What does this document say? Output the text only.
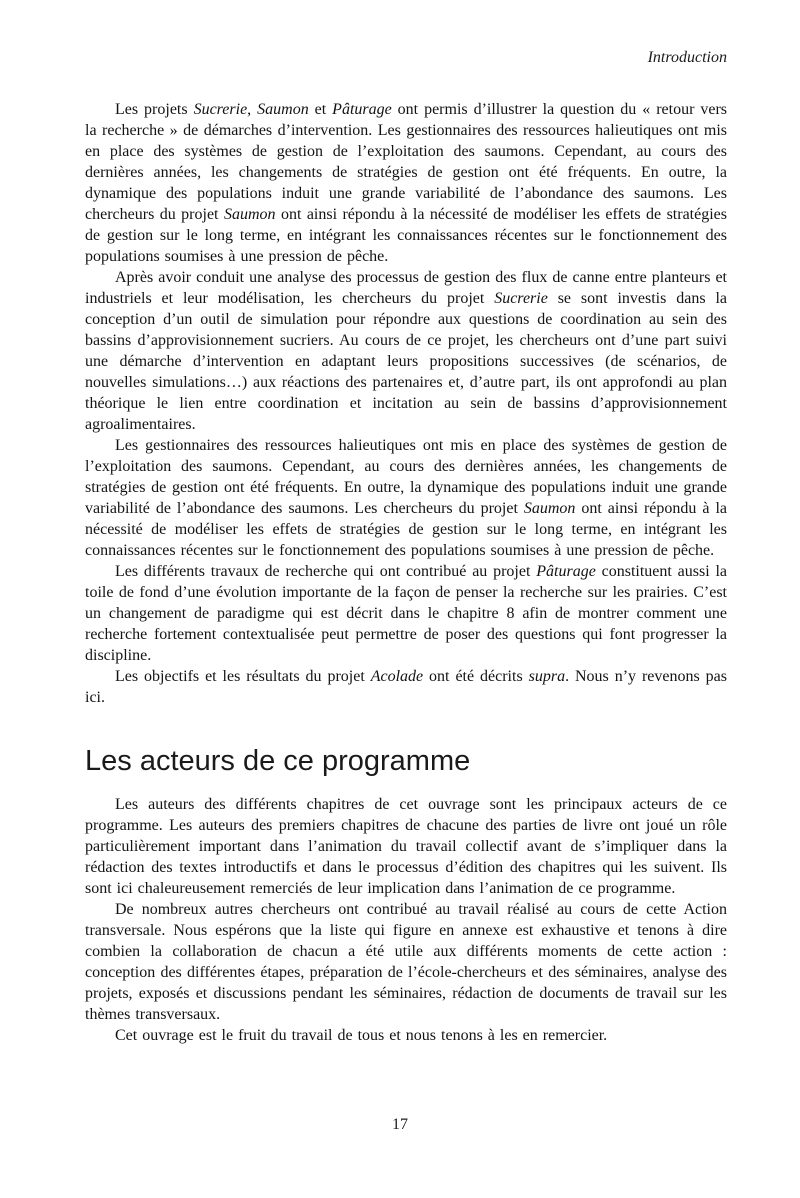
Introduction

Les projets Sucrerie, Saumon et Pâturage ont permis d’illustrer la question du « retour vers la recherche » de démarches d’intervention. Les gestionnaires des ressources halieutiques ont mis en place des systèmes de gestion de l’exploitation des saumons. Cependant, au cours des dernières années, les changements de stratégies de gestion ont été fréquents. En outre, la dynamique des populations induit une grande variabilité de l’abondance des saumons. Les chercheurs du projet Saumon ont ainsi répondu à la nécessité de modéliser les effets de stratégies de gestion sur le long terme, en intégrant les connaissances récentes sur le fonctionnement des populations soumises à une pression de pêche.

Après avoir conduit une analyse des processus de gestion des flux de canne entre planteurs et industriels et leur modélisation, les chercheurs du projet Sucrerie se sont investis dans la conception d’un outil de simulation pour répondre aux questions de coordination au sein des bassins d’approvisionnement sucriers. Au cours de ce projet, les chercheurs ont d’une part suivi une démarche d’intervention en adaptant leurs propositions successives (de scénarios, de nouvelles simulations…) aux réactions des partenaires et, d’autre part, ils ont approfondi au plan théorique le lien entre coordination et incitation au sein de bassins d’approvisionnement agroalimentaires.

Les gestionnaires des ressources halieutiques ont mis en place des systèmes de gestion de l’exploitation des saumons. Cependant, au cours des dernières années, les changements de stratégies de gestion ont été fréquents. En outre, la dynamique des populations induit une grande variabilité de l’abondance des saumons. Les chercheurs du projet Saumon ont ainsi répondu à la nécessité de modéliser les effets de stratégies de gestion sur le long terme, en intégrant les connaissances récentes sur le fonctionnement des populations soumises à une pression de pêche.

Les différents travaux de recherche qui ont contribué au projet Pâturage constituent aussi la toile de fond d’une évolution importante de la façon de penser la recherche sur les prairies. C’est un changement de paradigme qui est décrit dans le chapitre 8 afin de montrer comment une recherche fortement contextualisée peut permettre de poser des questions qui font progresser la discipline.

Les objectifs et les résultats du projet Acolade ont été décrits supra. Nous n’y revenons pas ici.

Les acteurs de ce programme

Les auteurs des différents chapitres de cet ouvrage sont les principaux acteurs de ce programme. Les auteurs des premiers chapitres de chacune des parties de livre ont joué un rôle particulièrement important dans l’animation du travail collectif avant de s’impliquer dans la rédaction des textes introductifs et dans le processus d’édition des chapitres qui les suivent. Ils sont ici chaleureusement remerciés de leur implication dans l’animation de ce programme.

De nombreux autres chercheurs ont contribué au travail réalisé au cours de cette Action transversale. Nous espérons que la liste qui figure en annexe est exhaustive et tenons à dire combien la collaboration de chacun a été utile aux différents moments de cette action : conception des différentes étapes, préparation de l’école-chercheurs et des séminaires, analyse des projets, exposés et discussions pendant les séminaires, rédaction de documents de travail sur les thèmes transversaux.

Cet ouvrage est le fruit du travail de tous et nous tenons à les en remercier.

17
